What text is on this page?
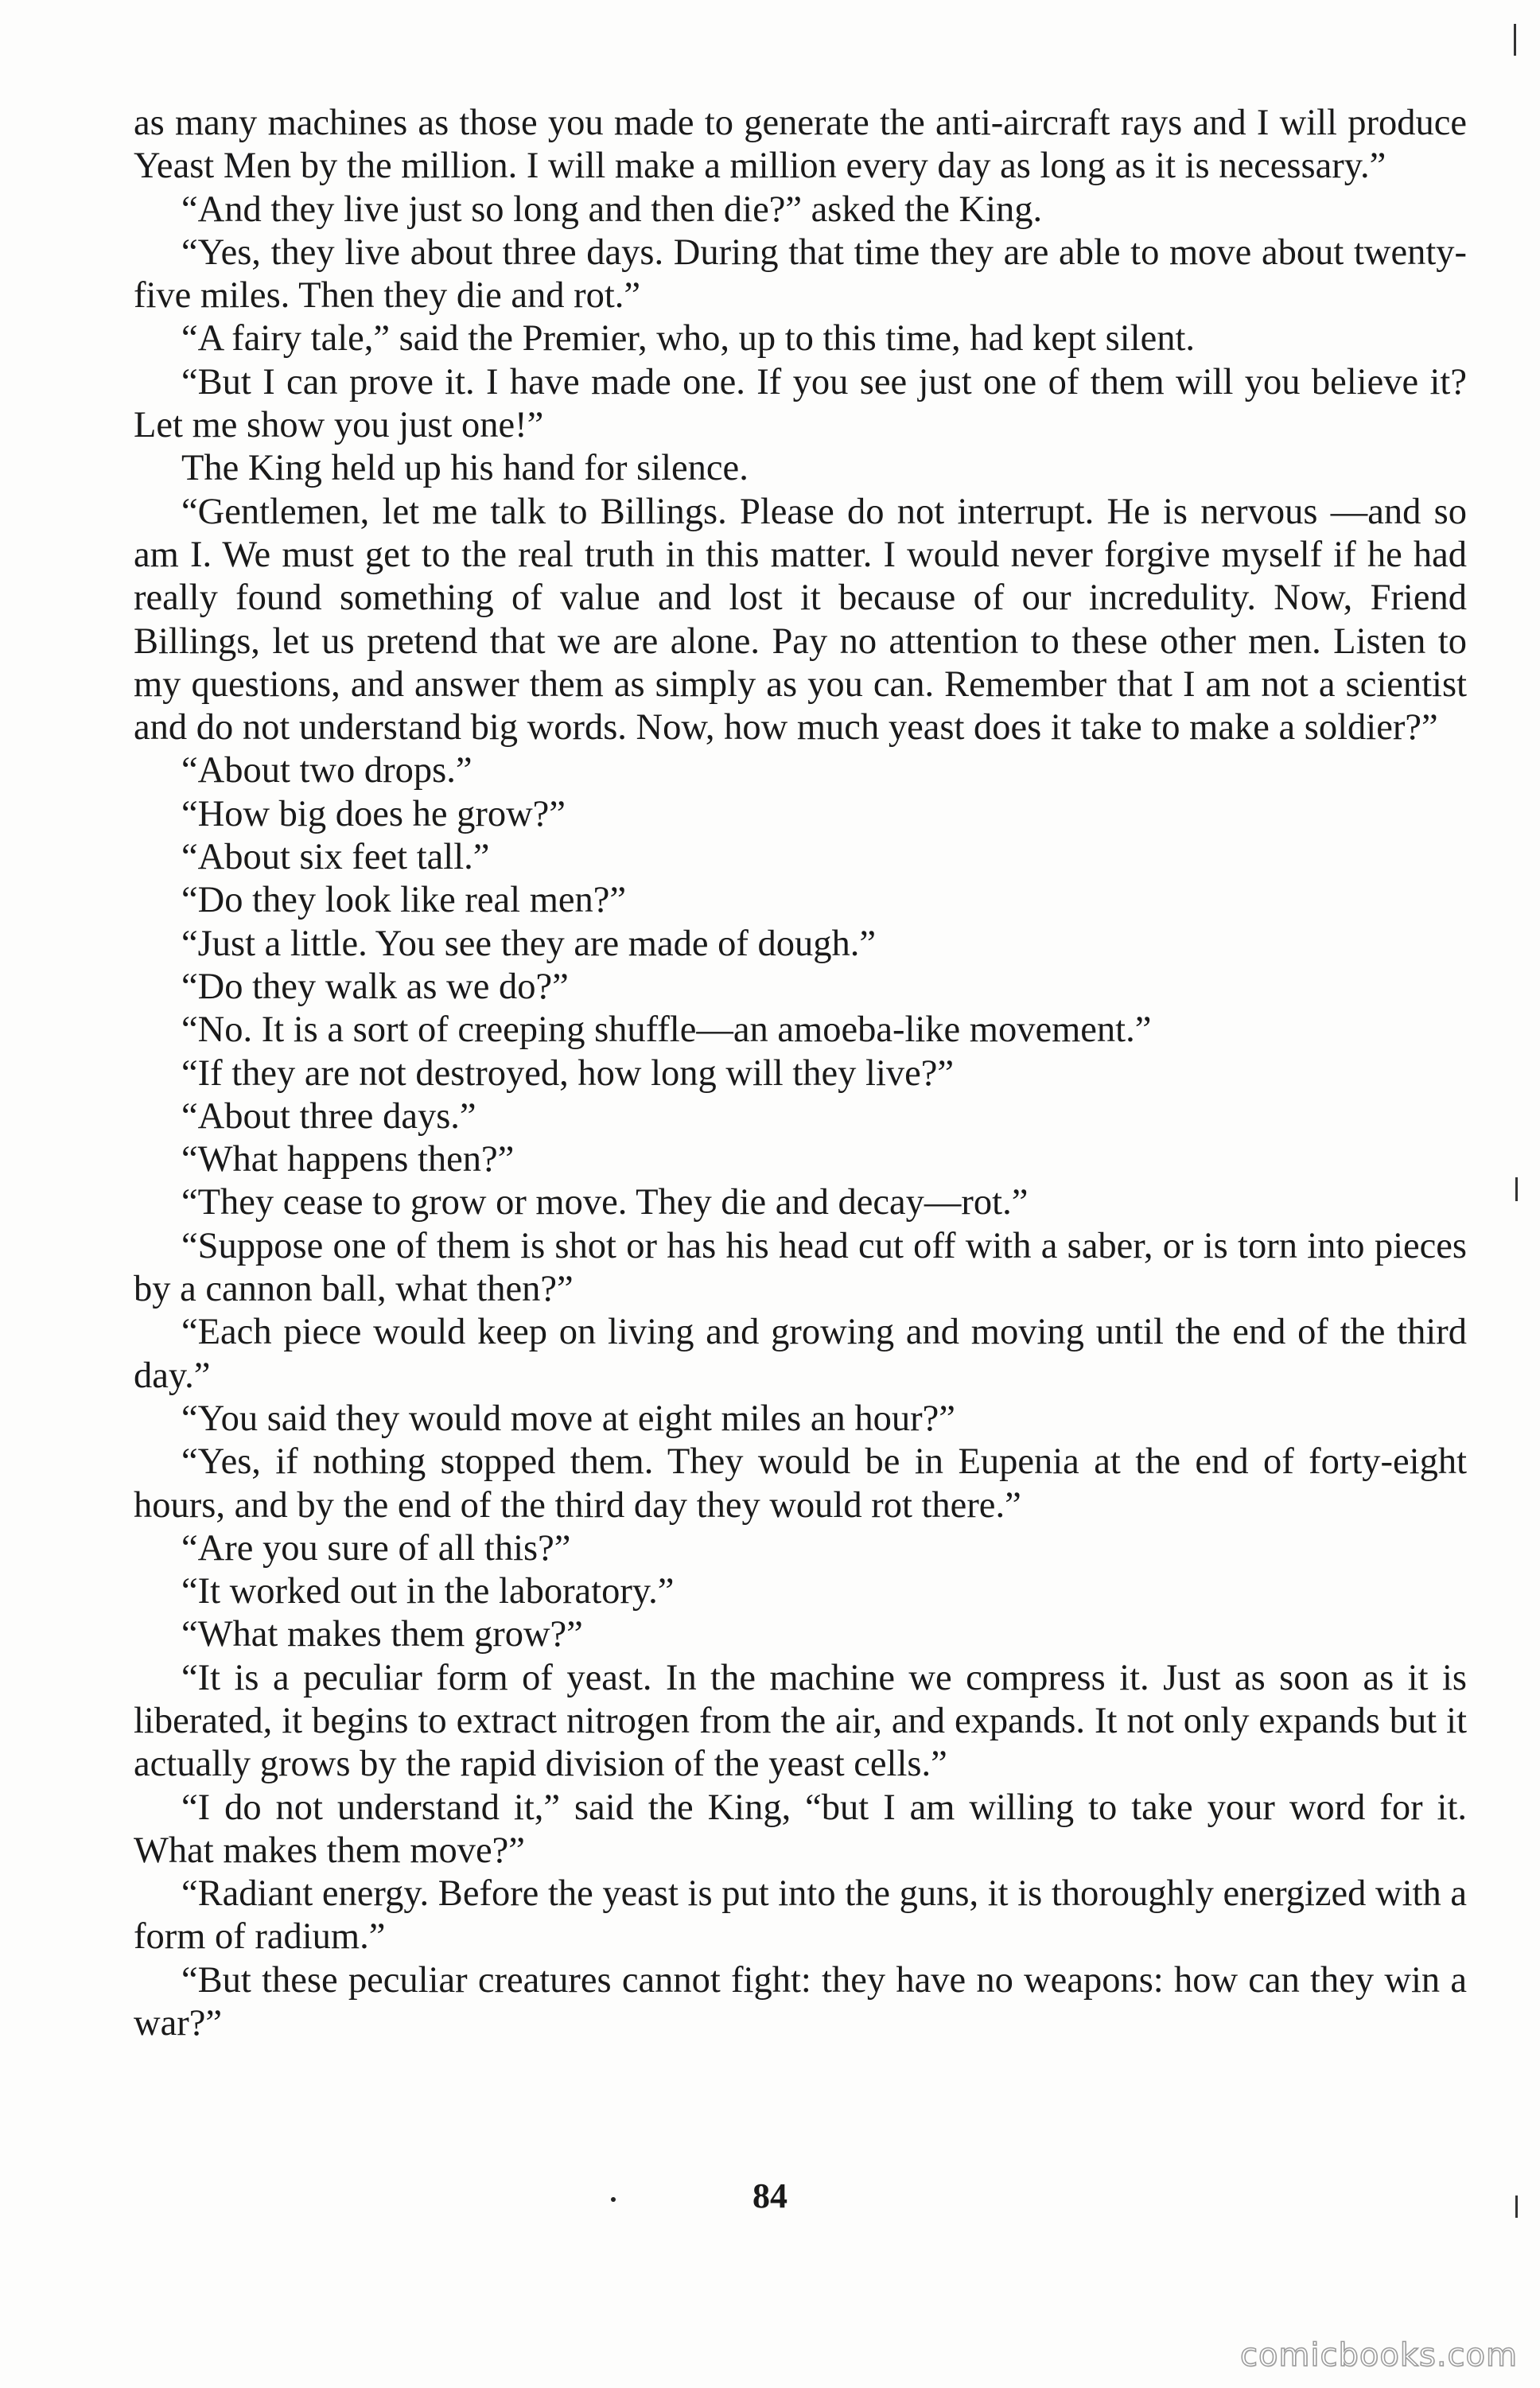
as many machines as those you made to generate the anti-aircraft rays and I will produce Yeast Men by the million. I will make a million every day as long as it is necessary.”

“And they live just so long and then die?” asked the King.

“Yes, they live about three days. During that time they are able to move about twenty-five miles. Then they die and rot.”

“A fairy tale,” said the Premier, who, up to this time, had kept silent.

“But I can prove it. I have made one. If you see just one of them will you believe it? Let me show you just one!”

The King held up his hand for silence.

“Gentlemen, let me talk to Billings. Please do not interrupt. He is nervous —and so am I. We must get to the real truth in this matter. I would never forgive myself if he had really found something of value and lost it because of our incredulity. Now, Friend Billings, let us pretend that we are alone. Pay no attention to these other men. Listen to my questions, and answer them as simply as you can. Remember that I am not a scientist and do not understand big words. Now, how much yeast does it take to make a soldier?”

“About two drops.”

“How big does he grow?”

“About six feet tall.”

“Do they look like real men?”

“Just a little. You see they are made of dough.”

“Do they walk as we do?”

“No. It is a sort of creeping shuffle—an amoeba-like movement.”

“If they are not destroyed, how long will they live?”

“About three days.”

“What happens then?”

“They cease to grow or move. They die and decay—rot.”

“Suppose one of them is shot or has his head cut off with a saber, or is torn into pieces by a cannon ball, what then?”

“Each piece would keep on living and growing and moving until the end of the third day.”

“You said they would move at eight miles an hour?”

“Yes, if nothing stopped them. They would be in Eupenia at the end of forty-eight hours, and by the end of the third day they would rot there.”

“Are you sure of all this?”

“It worked out in the laboratory.”

“What makes them grow?”

“It is a peculiar form of yeast. In the machine we compress it. Just as soon as it is liberated, it begins to extract nitrogen from the air, and expands. It not only expands but it actually grows by the rapid division of the yeast cells.”

“I do not understand it,” said the King, “but I am willing to take your word for it. What makes them move?”

“Radiant energy. Before the yeast is put into the guns, it is thoroughly energized with a form of radium.”

“But these peculiar creatures cannot fight: they have no weapons: how can they win a war?”

84
comicbooks.com
